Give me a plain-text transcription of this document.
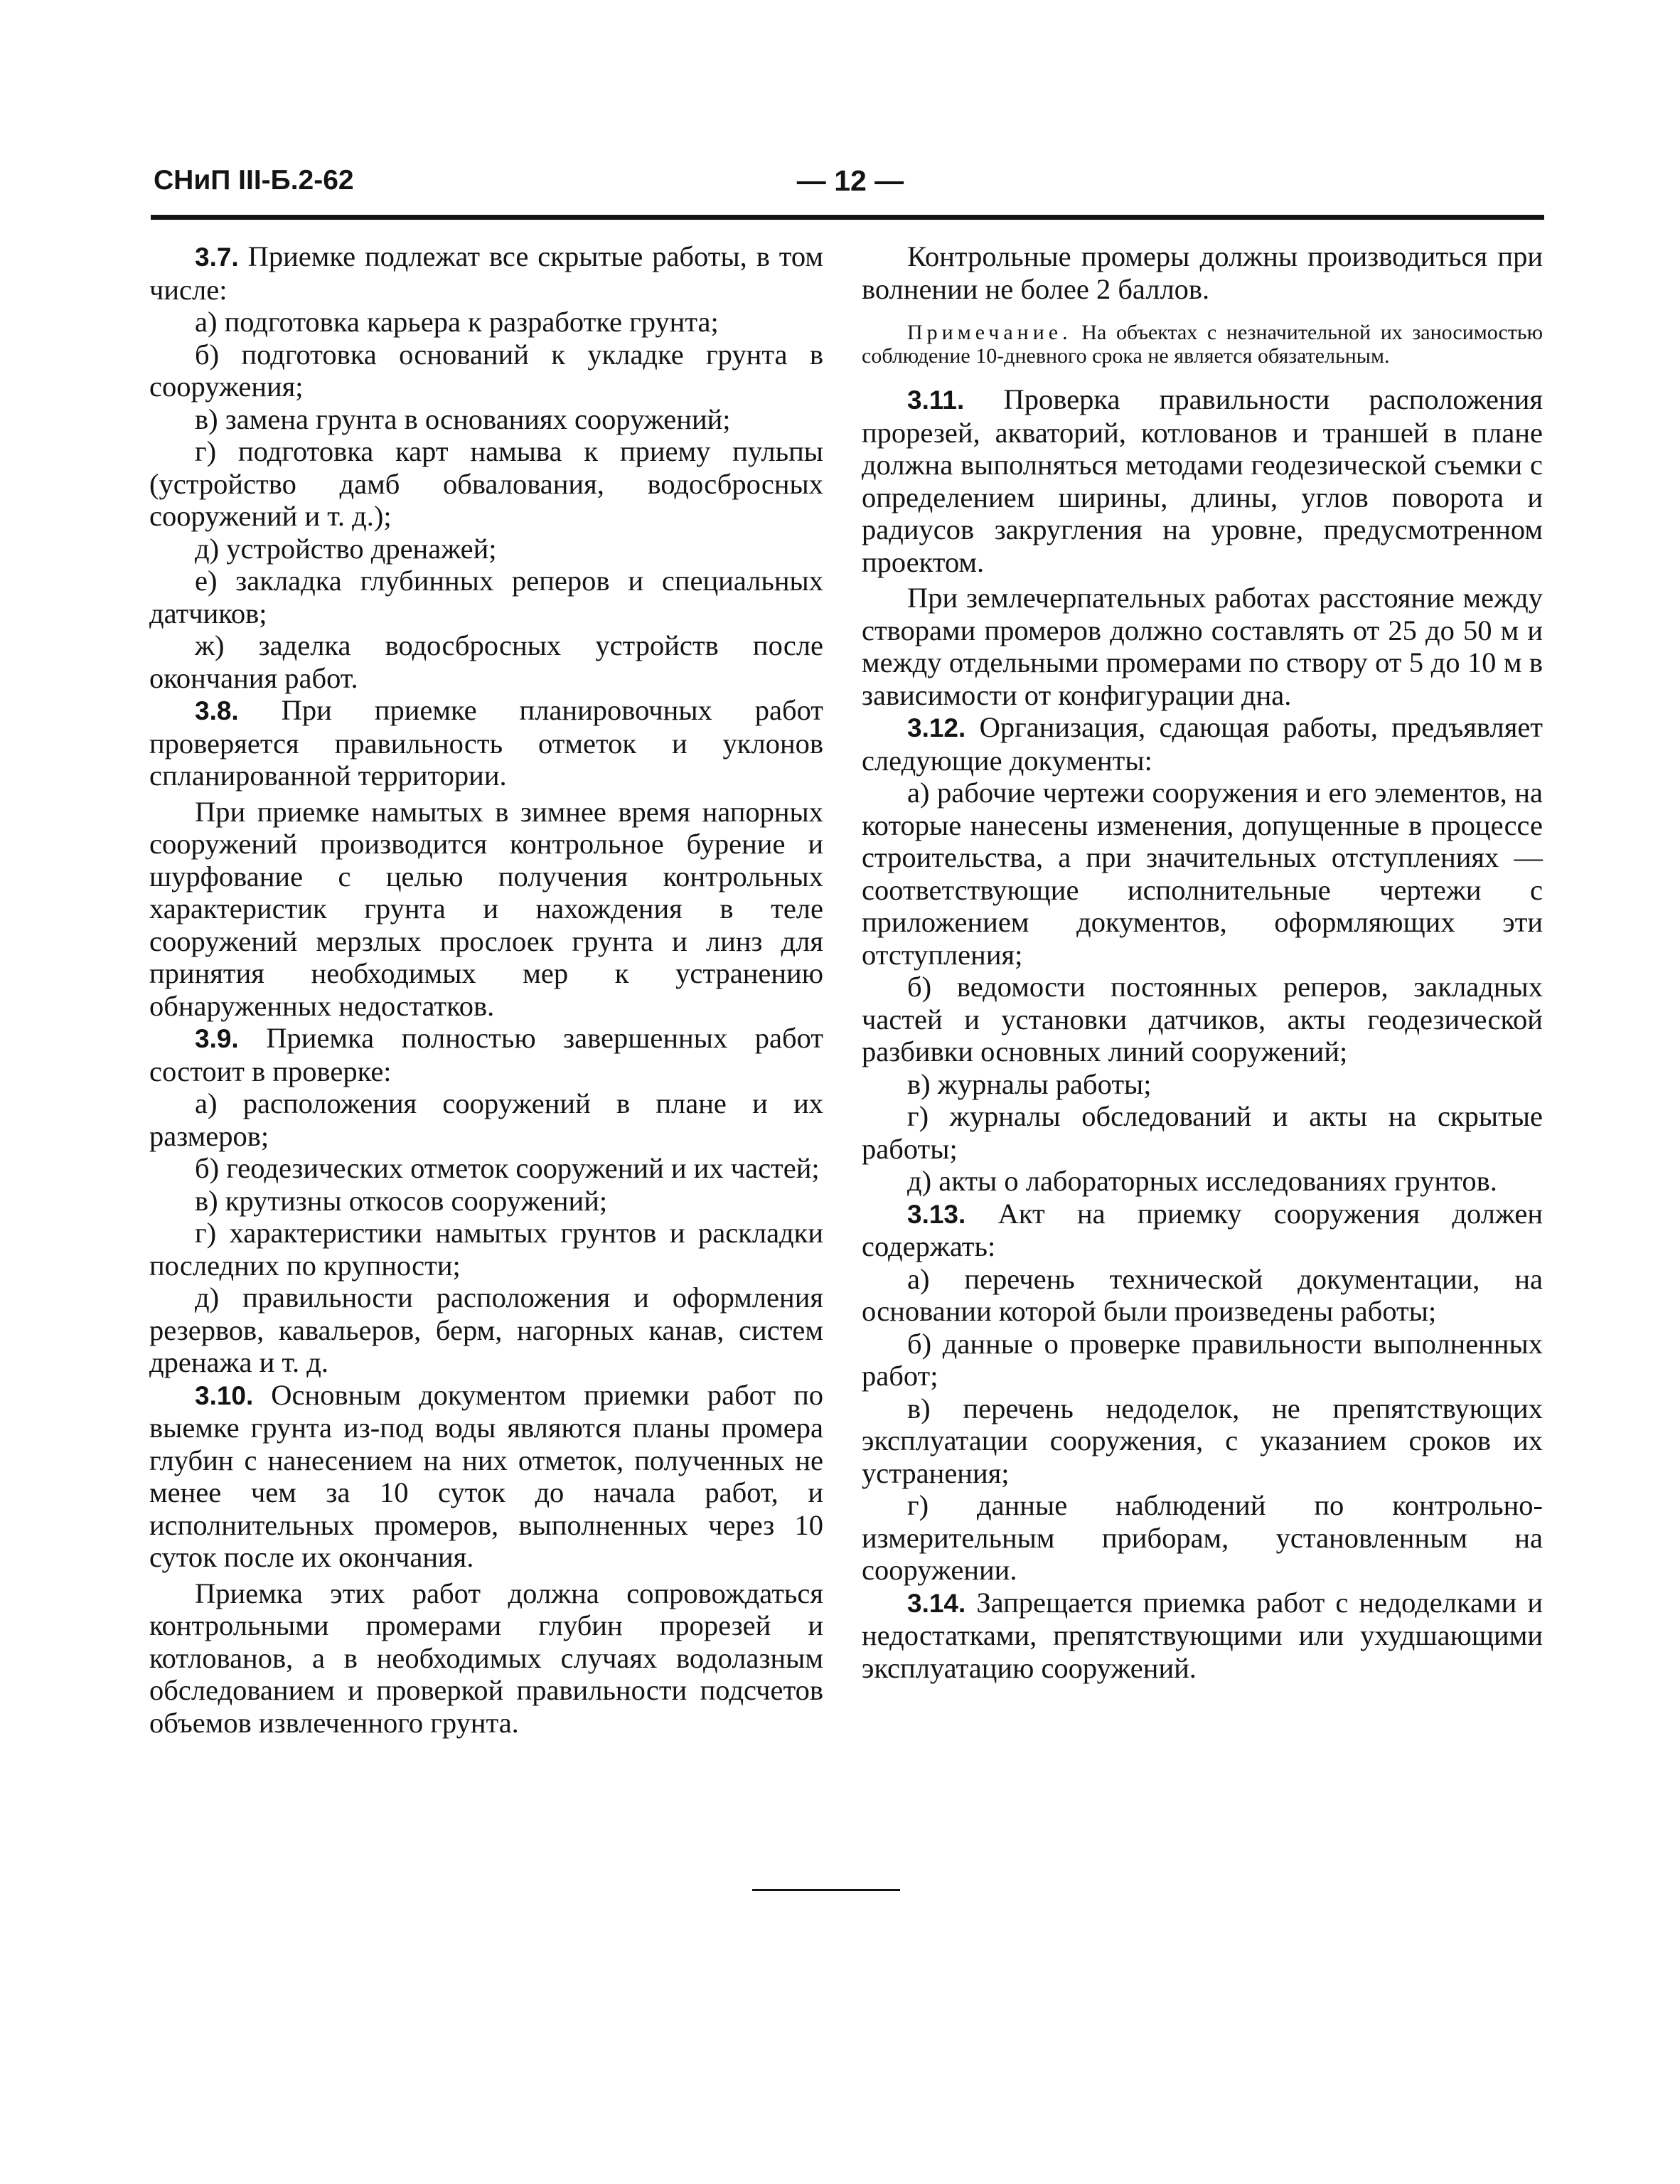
СНиП III-Б.2-62	— 12 —

3.7. Приемке подлежат все скрытые работы, в том числе:

а) подготовка карьера к разработке грунта;

б) подготовка оснований к укладке грунта в сооружения;

в) замена грунта в основаниях сооружений;

г) подготовка карт намыва к приему пульпы (устройство дамб обвалования, водосбросных сооружений и т. д.);

д) устройство дренажей;

е) закладка глубинных реперов и специальных датчиков;

ж) заделка водосбросных устройств после окончания работ.

3.8. При приемке планировочных работ проверяется правильность отметок и уклонов спланированной территории.

При приемке намытых в зимнее время напорных сооружений производится контрольное бурение и шурфование с целью получения контрольных характеристик грунта и нахождения в теле сооружений мерзлых прослоек грунта и линз для принятия необходимых мер к устранению обнаруженных недостатков.

3.9. Приемка полностью завершенных работ состоит в проверке:

а) расположения сооружений в плане и их размеров;

б) геодезических отметок сооружений и их частей;

в) крутизны откосов сооружений;

г) характеристики намытых грунтов и раскладки последних по крупности;

д) правильности расположения и оформления резервов, кавальеров, берм, нагорных канав, систем дренажа и т. д.

3.10. Основным документом приемки работ по выемке грунта из-под воды являются планы промера глубин с нанесением на них отметок, полученных не менее чем за 10 суток до начала работ, и исполнительных промеров, выполненных через 10 суток после их окончания.

Приемка этих работ должна сопровождаться контрольными промерами глубин прорезей и котлованов, а в необходимых случаях водолазным обследованием и проверкой правильности подсчетов объемов извлеченного грунта.

Контрольные промеры должны производиться при волнении не более 2 баллов.

Примечание. На объектах с незначительной их заносимостью соблюдение 10-дневного срока не является обязательным.

3.11. Проверка правильности расположения прорезей, акваторий, котлованов и траншей в плане должна выполняться методами геодезической съемки с определением ширины, длины, углов поворота и радиусов закругления на уровне, предусмотренном проектом.

При землечерпательных работах расстояние между створами промеров должно составлять от 25 до 50 м и между отдельными промерами по створу от 5 до 10 м в зависимости от конфигурации дна.

3.12. Организация, сдающая работы, предъявляет следующие документы:

а) рабочие чертежи сооружения и его элементов, на которые нанесены изменения, допущенные в процессе строительства, а при значительных отступлениях — соответствующие исполнительные чертежи с приложением документов, оформляющих эти отступления;

б) ведомости постоянных реперов, закладных частей и установки датчиков, акты геодезической разбивки основных линий сооружений;

в) журналы работы;

г) журналы обследований и акты на скрытые работы;

д) акты о лабораторных исследованиях грунтов.

3.13. Акт на приемку сооружения должен содержать:

а) перечень технической документации, на основании которой были произведены работы;

б) данные о проверке правильности выполненных работ;

в) перечень недоделок, не препятствующих эксплуатации сооружения, с указанием сроков их устранения;

г) данные наблюдений по контрольно-измерительным приборам, установленным на сооружении.

3.14. Запрещается приемка работ с недоделками и недостатками, препятствующими или ухудшающими эксплуатацию сооружений.
